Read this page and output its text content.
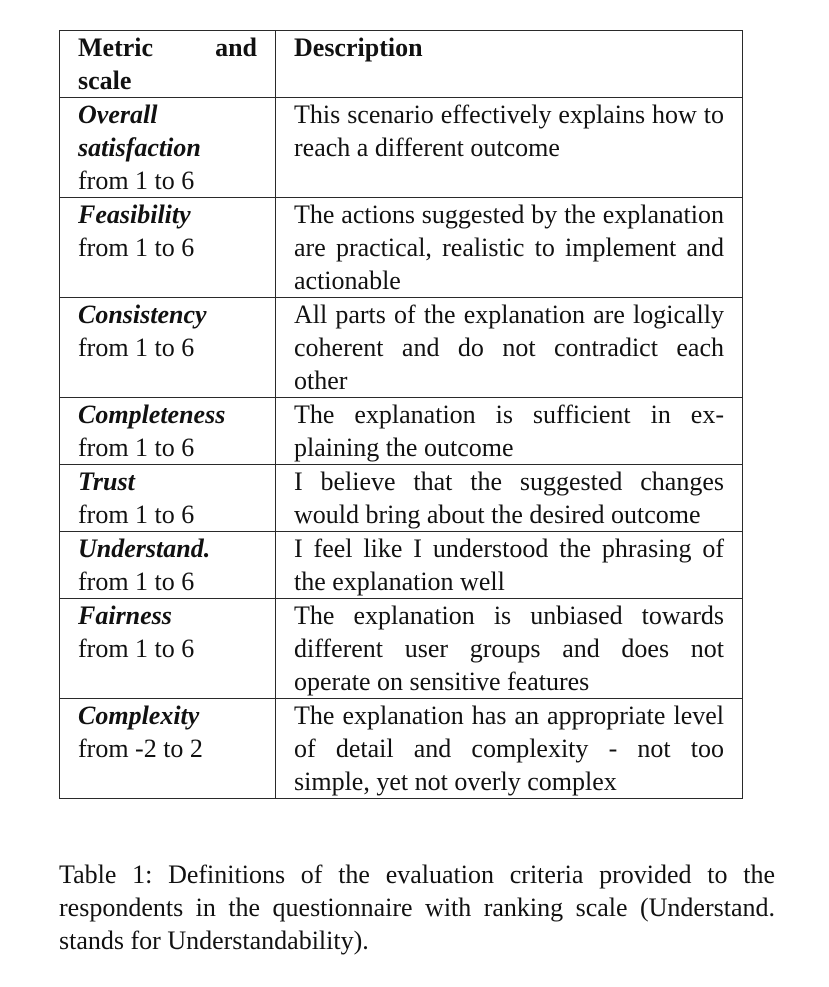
Metric and
scale	Description

Overall satisfaction
from 1 to 6	This scenario effectively explains how to reach a different outcome

Feasibility
from 1 to 6	The actions suggested by the explanation are practical, realistic to implement and actionable

Consistency
from 1 to 6	All parts of the explanation are logically coherent and do not contradict each other

Completeness
from 1 to 6	The explanation is sufficient in explaining the outcome

Trust
from 1 to 6	I believe that the suggested changes would bring about the desired outcome

Understand.
from 1 to 6	I feel like I understood the phrasing of the explanation well

Fairness
from 1 to 6	The explanation is unbiased towards different user groups and does not operate on sensitive features

Complexity
from -2 to 2	The explanation has an appropriate level of detail and complexity - not too simple, yet not overly complex
Table 1: Definitions of the evaluation criteria provided to the respondents in the questionnaire with ranking scale (Understand. stands for Understandability).
